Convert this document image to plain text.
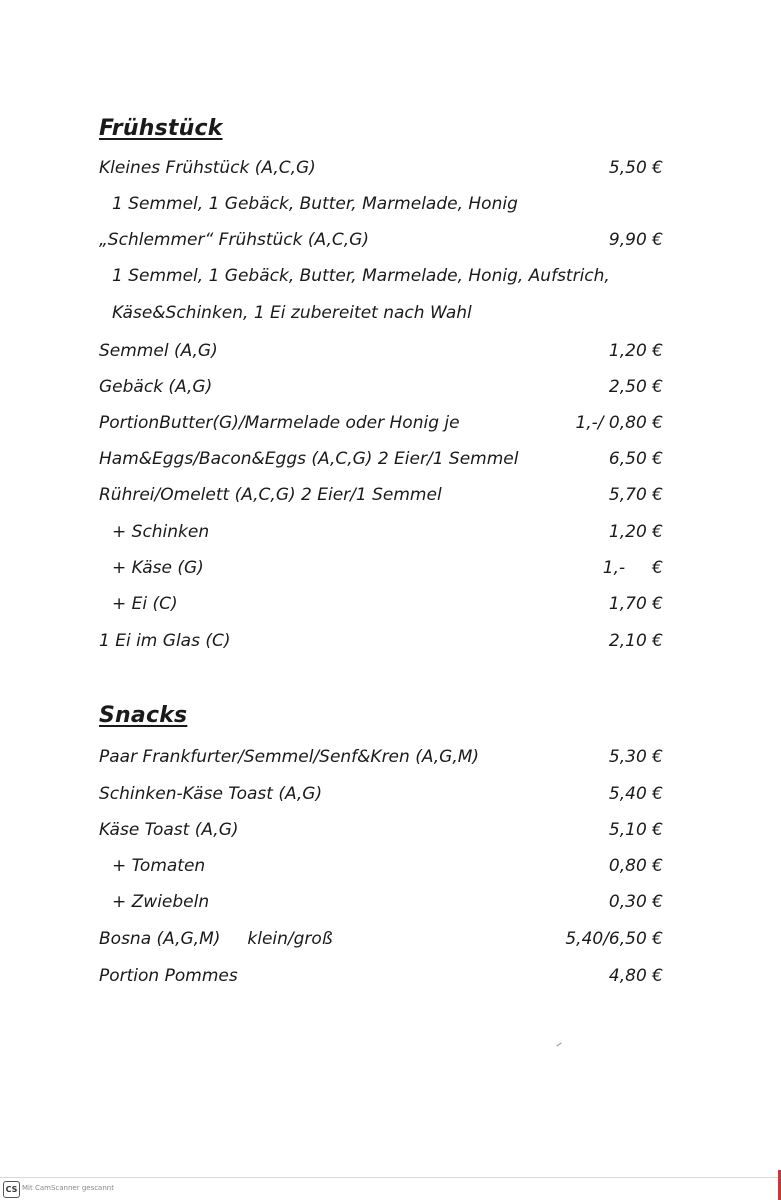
Frühstück
Kleines Frühstück (A,C,G)	5,50 €
1 Semmel, 1 Gebäck, Butter, Marmelade, Honig
„Schlemmer“ Frühstück (A,C,G)	9,90 €
1 Semmel, 1 Gebäck, Butter, Marmelade, Honig, Aufstrich,
Käse&Schinken, 1 Ei zubereitet nach Wahl
Semmel (A,G)	1,20 €
Gebäck (A,G)	2,50 €
PortionButter(G)/Marmelade oder Honig je	1,-/ 0,80 €
Ham&Eggs/Bacon&Eggs (A,C,G) 2 Eier/1 Semmel	6,50 €
Rührei/Omelett (A,C,G) 2 Eier/1 Semmel	5,70 €
+ Schinken	1,20 €
+ Käse (G)	1,-     €
+ Ei (C)	1,70 €
1 Ei im Glas (C)	2,10 €
Snacks
Paar Frankfurter/Semmel/Senf&Kren (A,G,M)	5,30 €
Schinken-Käse Toast (A,G)	5,40 €
Käse Toast (A,G)	5,10 €
+ Tomaten	0,80 €
+ Zwiebeln	0,30 €
Bosna (A,G,M)     klein/groß	5,40/6,50 €
Portion Pommes	4,80 €
CS Mit CamScanner gescannt
